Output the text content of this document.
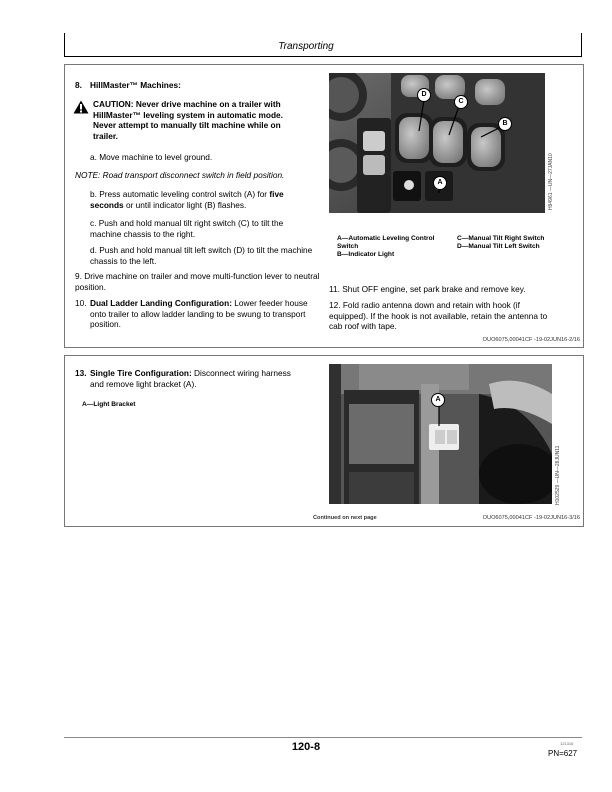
Transporting
8. HillMaster™ Machines:
CAUTION: Never drive machine on a trailer with HillMaster™ leveling system in automatic mode. Never attempt to manually tilt machine while on trailer.
a. Move machine to level ground.
NOTE: Road transport disconnect switch in field position.
b. Press automatic leveling control switch (A) for five seconds or until indicator light (B) flashes.
c. Push and hold manual tilt right switch (C) to tilt the machine chassis to the right.
d. Push and hold manual tilt left switch (D) to tilt the machine chassis to the left.
9. Drive machine on trailer and move multi-function lever to neutral position.
10. Dual Ladder Landing Configuration: Lower feeder house onto trailer to allow ladder landing to be swung to transport position.
D
C
B
A	H94961 —UN—27JAN10
A—Automatic Leveling Control Switch
B—Indicator Light
C—Manual Tilt Right Switch
D—Manual Tilt Left Switch
11. Shut OFF engine, set park brake and remove key.
12. Fold radio antenna down and retain with hook (if equipped). If the hook is not available, retain the antenna to cab roof with tape.
OUO6075,00041CF -19-02JUN16-2/16
13. Single Tire Configuration: Disconnect wiring harness and remove light bracket (A).
A—Light Bracket
A
H102529 —UN—28JUN11
Continued on next page	OUO6075,00041CF -19-02JUN16-3/16
120-8	121316
PN=627
